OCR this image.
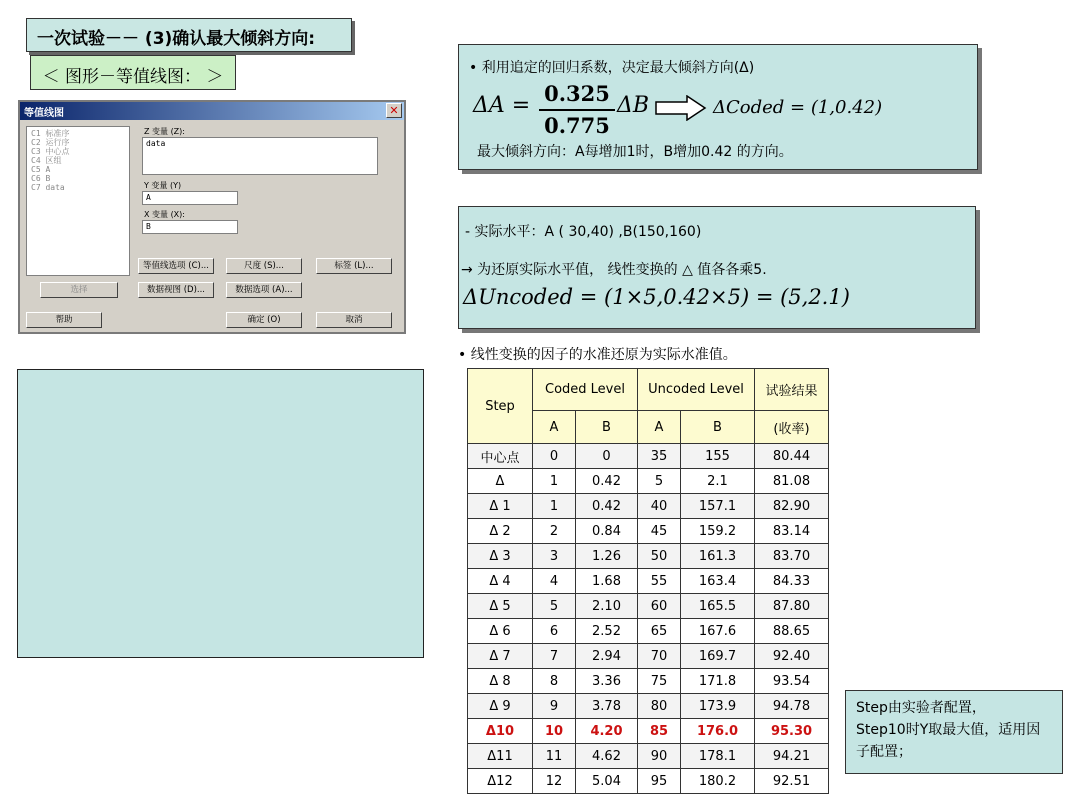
一次试验－－ (3)确认最大倾斜方向:
＜ 图形－等值线图： ＞
等值线图	✕
C1 标准序
C2 运行序
C3 中心点
C4 区组
C5 A
C6 B
C7 data
Z 变量 (Z):
data
Y 变量 (Y)
A
X 变量 (X):
B
等值线选项 (C)...	尺度 (S)...	标签 (L)...
选择	数据视图 (D)...	数据选项 (A)...
帮助	确定 (O)	取消
• 利用追定的回归系数，决定最大倾斜方向(Δ)
ΔA = 0.325
0.775
ΔB	ΔCoded = (1,0.42)
最大倾斜方向：A每增加1时，B增加0.42 的方向。
- 实际水平：A ( 30,40) ,B(150,160)
→ 为还原实际水平值， 线性变换的 △ 值各各乘5.
ΔUncoded = (1×5,0.42×5) = (5,2.1)
• 线性变换的因子的水准还原为实际水准值。
Step	Coded Level		Uncoded Level		试验结果
	A	B	A	B	(收率)
中心点	0	0	35	155	80.44
Δ	1	0.42	5	2.1	81.08
Δ 1	1	0.42	40	157.1	82.90
Δ 2	2	0.84	45	159.2	83.14
Δ 3	3	1.26	50	161.3	83.70
Δ 4	4	1.68	55	163.4	84.33
Δ 5	5	2.10	60	165.5	87.80
Δ 6	6	2.52	65	167.6	88.65
Δ 7	7	2.94	70	169.7	92.40
Δ 8	8	3.36	75	171.8	93.54
Δ 9	9	3.78	80	173.9	94.78
Δ10	10	4.20	85	176.0	95.30
Δ11	11	4.62	90	178.1	94.21
Δ12	12	5.04	95	180.2	92.51
Step由实验者配置，
Step10时Y取最大值，适用因子配置；
